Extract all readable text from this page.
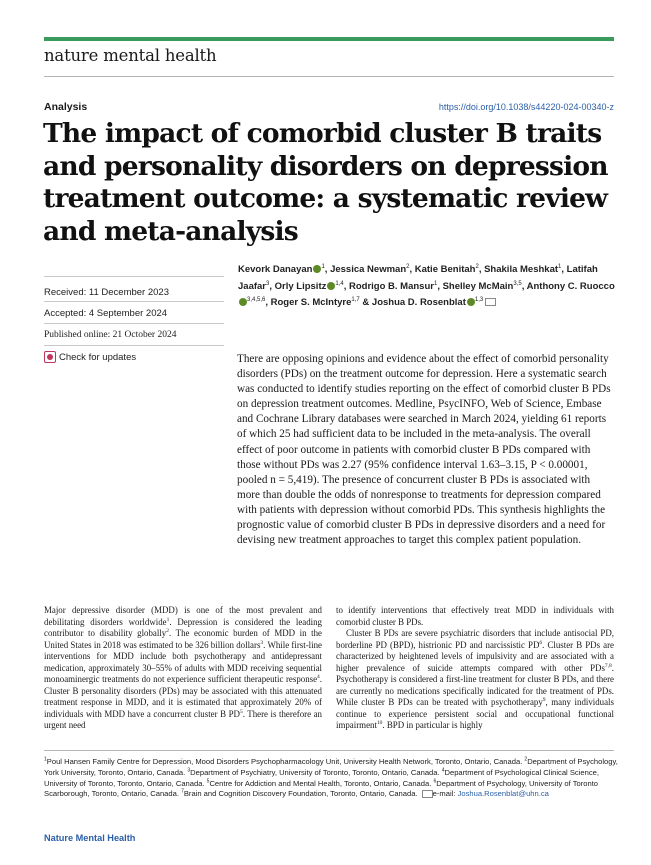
nature mental health
Analysis	https://doi.org/10.1038/s44220-024-00340-z
The impact of comorbid cluster B traits and personality disorders on depression treatment outcome: a systematic review and meta-analysis
Received: 11 December 2023
Accepted: 4 September 2024
Published online: 21 October 2024
Check for updates
Kevork Danayan $^1$, Jessica Newman$^2$, Katie Benitah$^2$, Shakila Meshkat$^1$, Latifah Jaafar$^3$, Orly Lipsitz $^{1,4}$, Rodrigo B. Mansur$^1$, Shelley McMain$^{3,5}$, Anthony C. Ruocco$^{3,4,5,6}$, Roger S. McIntyre$^{1,7}$ & Joshua D. Rosenblat $^{1,3}$
There are opposing opinions and evidence about the effect of comorbid personality disorders (PDs) on the treatment outcome for depression. Here a systematic search was conducted to identify studies reporting on the effect of comorbid cluster B PDs on depression treatment outcomes. Medline, PsycINFO, Web of Science, Embase and Cochrane Library databases were searched in March 2024, yielding 61 reports of which 25 had sufficient data to be included in the meta-analysis. The overall effect of poor outcome in patients with comorbid cluster B PDs compared with those without PDs was 2.27 (95% confidence interval 1.63–3.15, P < 0.00001, pooled n = 5,419). The presence of concurrent cluster B PDs is associated with more than double the odds of nonresponse to treatments for depression compared with patients with depression without comorbid PDs. This synthesis highlights the prognostic value of comorbid cluster B PDs in depressive disorders and a need for devising new treatment approaches to target this complex patient population.
Major depressive disorder (MDD) is one of the most prevalent and debilitating disorders worldwide$^1$. Depression is considered the leading contributor to disability globally$^2$. The economic burden of MDD in the United States in 2018 was estimated to be 326 billion dollars$^3$. While first-line interventions for MDD include both psychotherapy and antidepressant medication, approximately 30–55% of adults with MDD receiving sequential monoaminergic treatments do not experience sufficient therapeutic response$^4$. Cluster B personality disorders (PDs) may be associated with this attenuated treatment response in MDD, and it is estimated that approximately 20% of individuals with MDD have a concurrent cluster B $PD^5$. There is therefore an urgent need

to identify interventions that effectively treat MDD in individuals with comorbid cluster B PDs.

Cluster B PDs are severe psychiatric disorders that include antisocial PD, borderline PD (BPD), histrionic PD and narcissistic $PD^6$. Cluster B PDs are characterized by heightened levels of impulsivity and are associated with a higher prevalence of suicide attempts compared with other PDs$^{7,8}$. Psychotherapy is considered a first-line treatment for cluster B PDs, and there are currently no medications specifically indicated for the treatment of PDs. While cluster B PDs can be treated with psychotherapy$^9$, many individuals continue to experience persistent social and occupational functional impairment$^{10}$. BPD in particular is highly

$^1$Poul Hansen Family Centre for Depression, Mood Disorders Psychopharmacology Unit, University Health Network, Toronto, Ontario, Canada. $^2$Department of Psychology, York University, Toronto, Ontario, Canada. $^3$Department of Psychiatry, University of Toronto, Toronto, Ontario, Canada. $^4$Department of Psychological Clinical Science, University of Toronto, Toronto, Ontario, Canada. $^5$Centre for Addiction and Mental Health, Toronto, Ontario, Canada. $^6$Department of Psychology, University of Toronto Scarborough, Toronto, Ontario, Canada. $^7$Brain and Cognition Discovery Foundation, Toronto, Ontario, Canada. e-mail: Joshua.Rosenblat@uhn.ca
Nature Mental Health
